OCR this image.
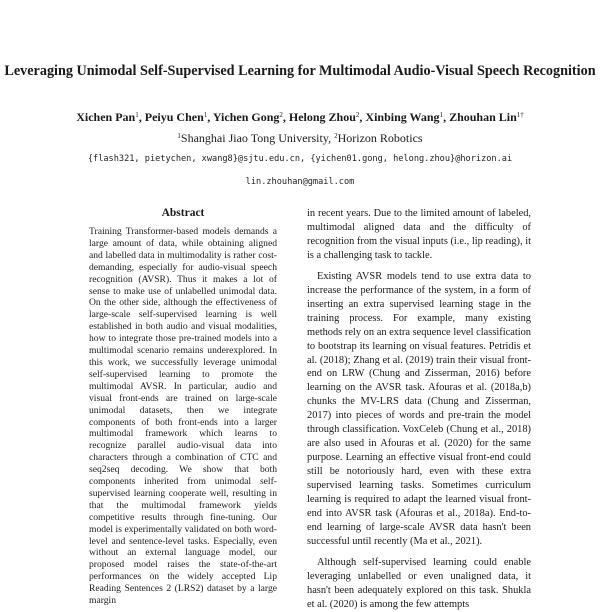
Leveraging Unimodal Self-Supervised Learning for Multimodal Audio-Visual Speech Recognition
Xichen Pan$^1$, Peiyu Chen$^1$, Yichen Gong$^2$, Helong Zhou$^2$, Xinbing Wang$^1$, Zhouhan Lin$^{1\dagger}$
$^1$Shanghai Jiao Tong University, $^2$Horizon Robotics
{flash321, pietychen, xwang8}@sjtu.edu.cn, {yichen01.gong, helong.zhou}@horizon.ai
lin.zhouhan@gmail.com
Abstract

Training Transformer-based models demands a large amount of data, while obtaining aligned and labelled data in multimodality is rather cost-demanding, especially for audio-visual speech recognition (AVSR). Thus it makes a lot of sense to make use of unlabelled unimodal data. On the other side, although the effectiveness of large-scale self-supervised learning is well established in both audio and visual modalities, how to integrate those pre-trained models into a multimodal scenario remains underexplored. In this work, we successfully leverage unimodal self-supervised learning to promote the multimodal AVSR. In particular, audio and visual front-ends are trained on large-scale unimodal datasets, then we integrate components of both front-ends into a larger multimodal framework which learns to recognize parallel audio-visual data into characters through a combination of CTC and seq2seq decoding. We show that both components inherited from unimodal self-supervised learning cooperate well, resulting in that the multimodal framework yields competitive results through fine-tuning. Our model is experimentally validated on both word-level and sentence-level tasks. Especially, even without an external language model, our proposed model raises the state-of-the-art performances on the widely accepted Lip Reading Sentences 2 (LRS2) dataset by a large margin

in recent years. Due to the limited amount of labeled, multimodal aligned data and the difficulty of recognition from the visual inputs (i.e., lip reading), it is a challenging task to tackle.

Existing AVSR models tend to use extra data to increase the performance of the system, in a form of inserting an extra supervised learning stage in the training process. For example, many existing methods rely on an extra sequence level classification to bootstrap its learning on visual features. Petridis et al. (2018); Zhang et al. (2019) train their visual front-end on LRW (Chung and Zisserman, 2016) before learning on the AVSR task. Afouras et al. (2018a,b) chunks the MV-LRS data (Chung and Zisserman, 2017) into pieces of words and pre-train the model through classification. VoxCeleb (Chung et al., 2018) are also used in Afouras et al. (2020) for the same purpose. Learning an effective visual front-end could still be notoriously hard, even with these extra supervised learning tasks. Sometimes curriculum learning is required to adapt the learned visual front-end into AVSR task (Afouras et al., 2018a). End-to-end learning of large-scale AVSR data hasn't been successful until recently (Ma et al., 2021).

Although self-supervised learning could enable leveraging unlabelled or even unaligned data, it hasn't been adequately explored on this task. Shukla et al. (2020) is among the few attempts
